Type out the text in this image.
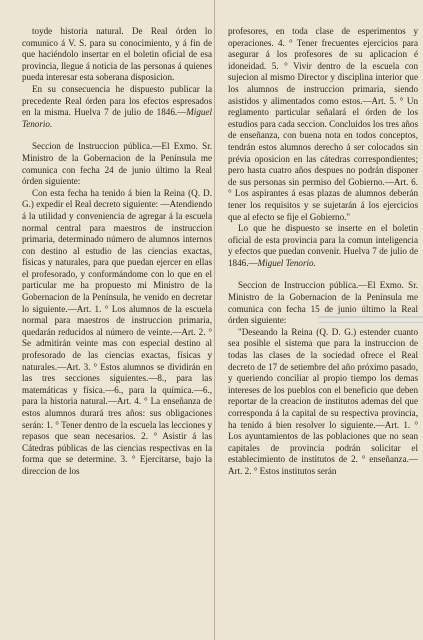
toyde historia natural. De Real órden lo comunico á V. S. para su conocimiento, y á fin de que haciéndolo insertar en el boletin oficial de esa provincia, llegue á noticia de las personas á quienes pueda interesar esta soberana disposicion.

En su consecuencia he dispuesto publicar la precedente Real órden para los efectos espresados en la misma. Huelva 7 de julio de 1846.—Miguel Tenorio.

Seccion de Instruccion pública.—El Exmo. Sr. Ministro de la Gobernacion de la Península me comunica con fecha 24 de junio último la Real órden siguiente:

Con esta fecha ha tenido á bien la Reina (Q. D. G.) expedir el Real decreto siguiente: —Atendiendo á la utilidad y conveniencia de agregar á la escuela normal central para maestros de instruccion primaria, determinado número de alumnos internos con destino al estudio de las ciencias exactas, físicas y naturales, para que puedan ejercer en ellas el profesorado, y conformándome con lo que en el particular me ha propuesto mi Ministro de la Gobernacion de la Península, he venido en decretar lo siguiente.—Art. 1. ° Los alumnos de la escuela normal para maestros de instruccion primaria, quedarán reducidos al número de veinte.—Art. 2. ° Se admitirán veinte mas con especial destino al profesorado de las ciencias exactas, físicas y naturales.—Art. 3. ° Estos alumnos se dividirán en las tres secciones siguientes.—8., para las matemáticas y física.—6., para la química.—6., para la historia natural.—Art. 4. ° La enseñanza de estos alumnos durará tres años: sus obligaciones serán: 1. ° Tener dentro de la escuela las lecciones y repasos que sean necesarios. 2. ° Asistir á las Cátedras públicas de las ciencias respectivas en la forma que se determine. 3. ° Ejercitarse, bajo la direccion de los

profesores, en toda clase de esperimentos y operaciones. 4. ° Tener frecuentes ejercicios para asegurar á los profesores de su aplicacion é idoneidad. 5. ° Vivir dentro de la escuela con sujecion al mismo Director y disciplina interior que los alumnos de instruccion primaria, siendo asistidos y alimentados como estos.—Art. 5. ° Un reglamento particular señalará el órden de los estudios para cada seccion. Concluidos los tres años de enseñanza, con buena nota en todos conceptos, tendrán estos alumnos derecho á ser colocados sin prévia oposicion en las cátedras correspondientes; pero hasta cuatro años despues no podrán disponer de sus personas sin permiso del Gobierno.—Art. 6. ° Los aspirantes á esas plazas de alumnos deberán tener los requisitos y se sujetarán á los ejercicios que al efecto se fije el Gobierno."

Lo que he dispuesto se inserte en el boletin oficial de esta provincia para la comun inteligencia y efectos que puedan convenir. Huelva 7 de julio de 1846.—Miguel Tenorio.

Seccion de Instruccion pública.—El Exmo. Sr. Ministro de la Gobernacion de la Península me comunica con fecha 15 de junio último la Real órden siguiente:

"Deseando la Reina (Q. D. G.) estender cuanto sea posible el sistema que para la instruccion de todas las clases de la sociedad ofrece el Real decreto de 17 de setiembre del año próximo pasado, y queriendo conciliar al propio tiempo los demas intereses de los pueblos con el beneficio que deben reportar de la creacion de institutos ademas del que corresponda á la capital de su respectiva provincia, ha tenido á bien resolver lo siguiente.—Art. 1. ° Los ayuntamientos de las poblaciones que no sean capitales de provincia podrán solicitar el establecimiento de institutos de 2. ° enseñanza.—Art. 2. ° Estos institutos serán
